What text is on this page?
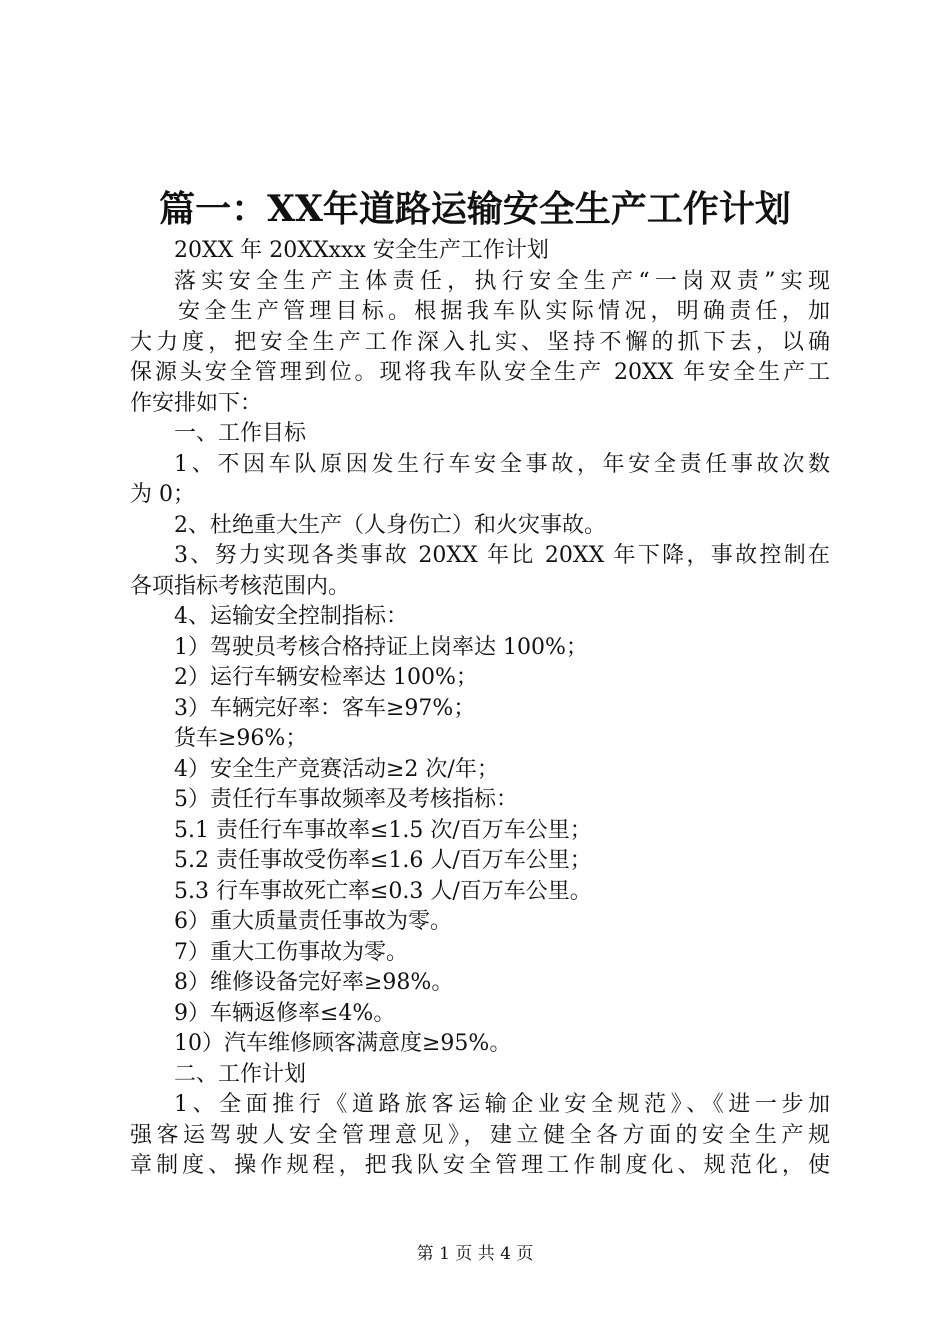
篇一：XX年道路运输安全生产工作计划
20XX 年 20XXxxx 安全生产工作计划
落实安全生产主体责任，执行安全生产“一岗双责”实现
安全生产管理目标。根据我车队实际情况，明确责任，加
大力度，把安全生产工作深入扎实、坚持不懈的抓下去，以确
保源头安全管理到位。现将我车队安全生产 20XX 年安全生产工
作安排如下：
一、工作目标
1、不因车队原因发生行车安全事故，年安全责任事故次数
为 0；
2、杜绝重大生产（人身伤亡）和火灾事故。
3、努力实现各类事故 20XX 年比 20XX 年下降，事故控制在
各项指标考核范围内。
4、运输安全控制指标：
1）驾驶员考核合格持证上岗率达 100%；
2）运行车辆安检率达 100%；
3）车辆完好率：客车≥97%；
货车≥96%；
4）安全生产竞赛活动≥2 次/年；
5）责任行车事故频率及考核指标：
5.1 责任行车事故率≤1.5 次/百万车公里；
5.2 责任事故受伤率≤1.6 人/百万车公里；
5.3 行车事故死亡率≤0.3 人/百万车公里。
6）重大质量责任事故为零。
7）重大工伤事故为零。
8）维修设备完好率≥98%。
9）车辆返修率≤4%。
10）汽车维修顾客满意度≥95%。
二、工作计划
1、全面推行《道路旅客运输企业安全规范》、《进一步加
强客运驾驶人安全管理意见》，建立健全各方面的安全生产规
章制度、操作规程，把我队安全管理工作制度化、规范化，使
第 1 页 共 4 页
